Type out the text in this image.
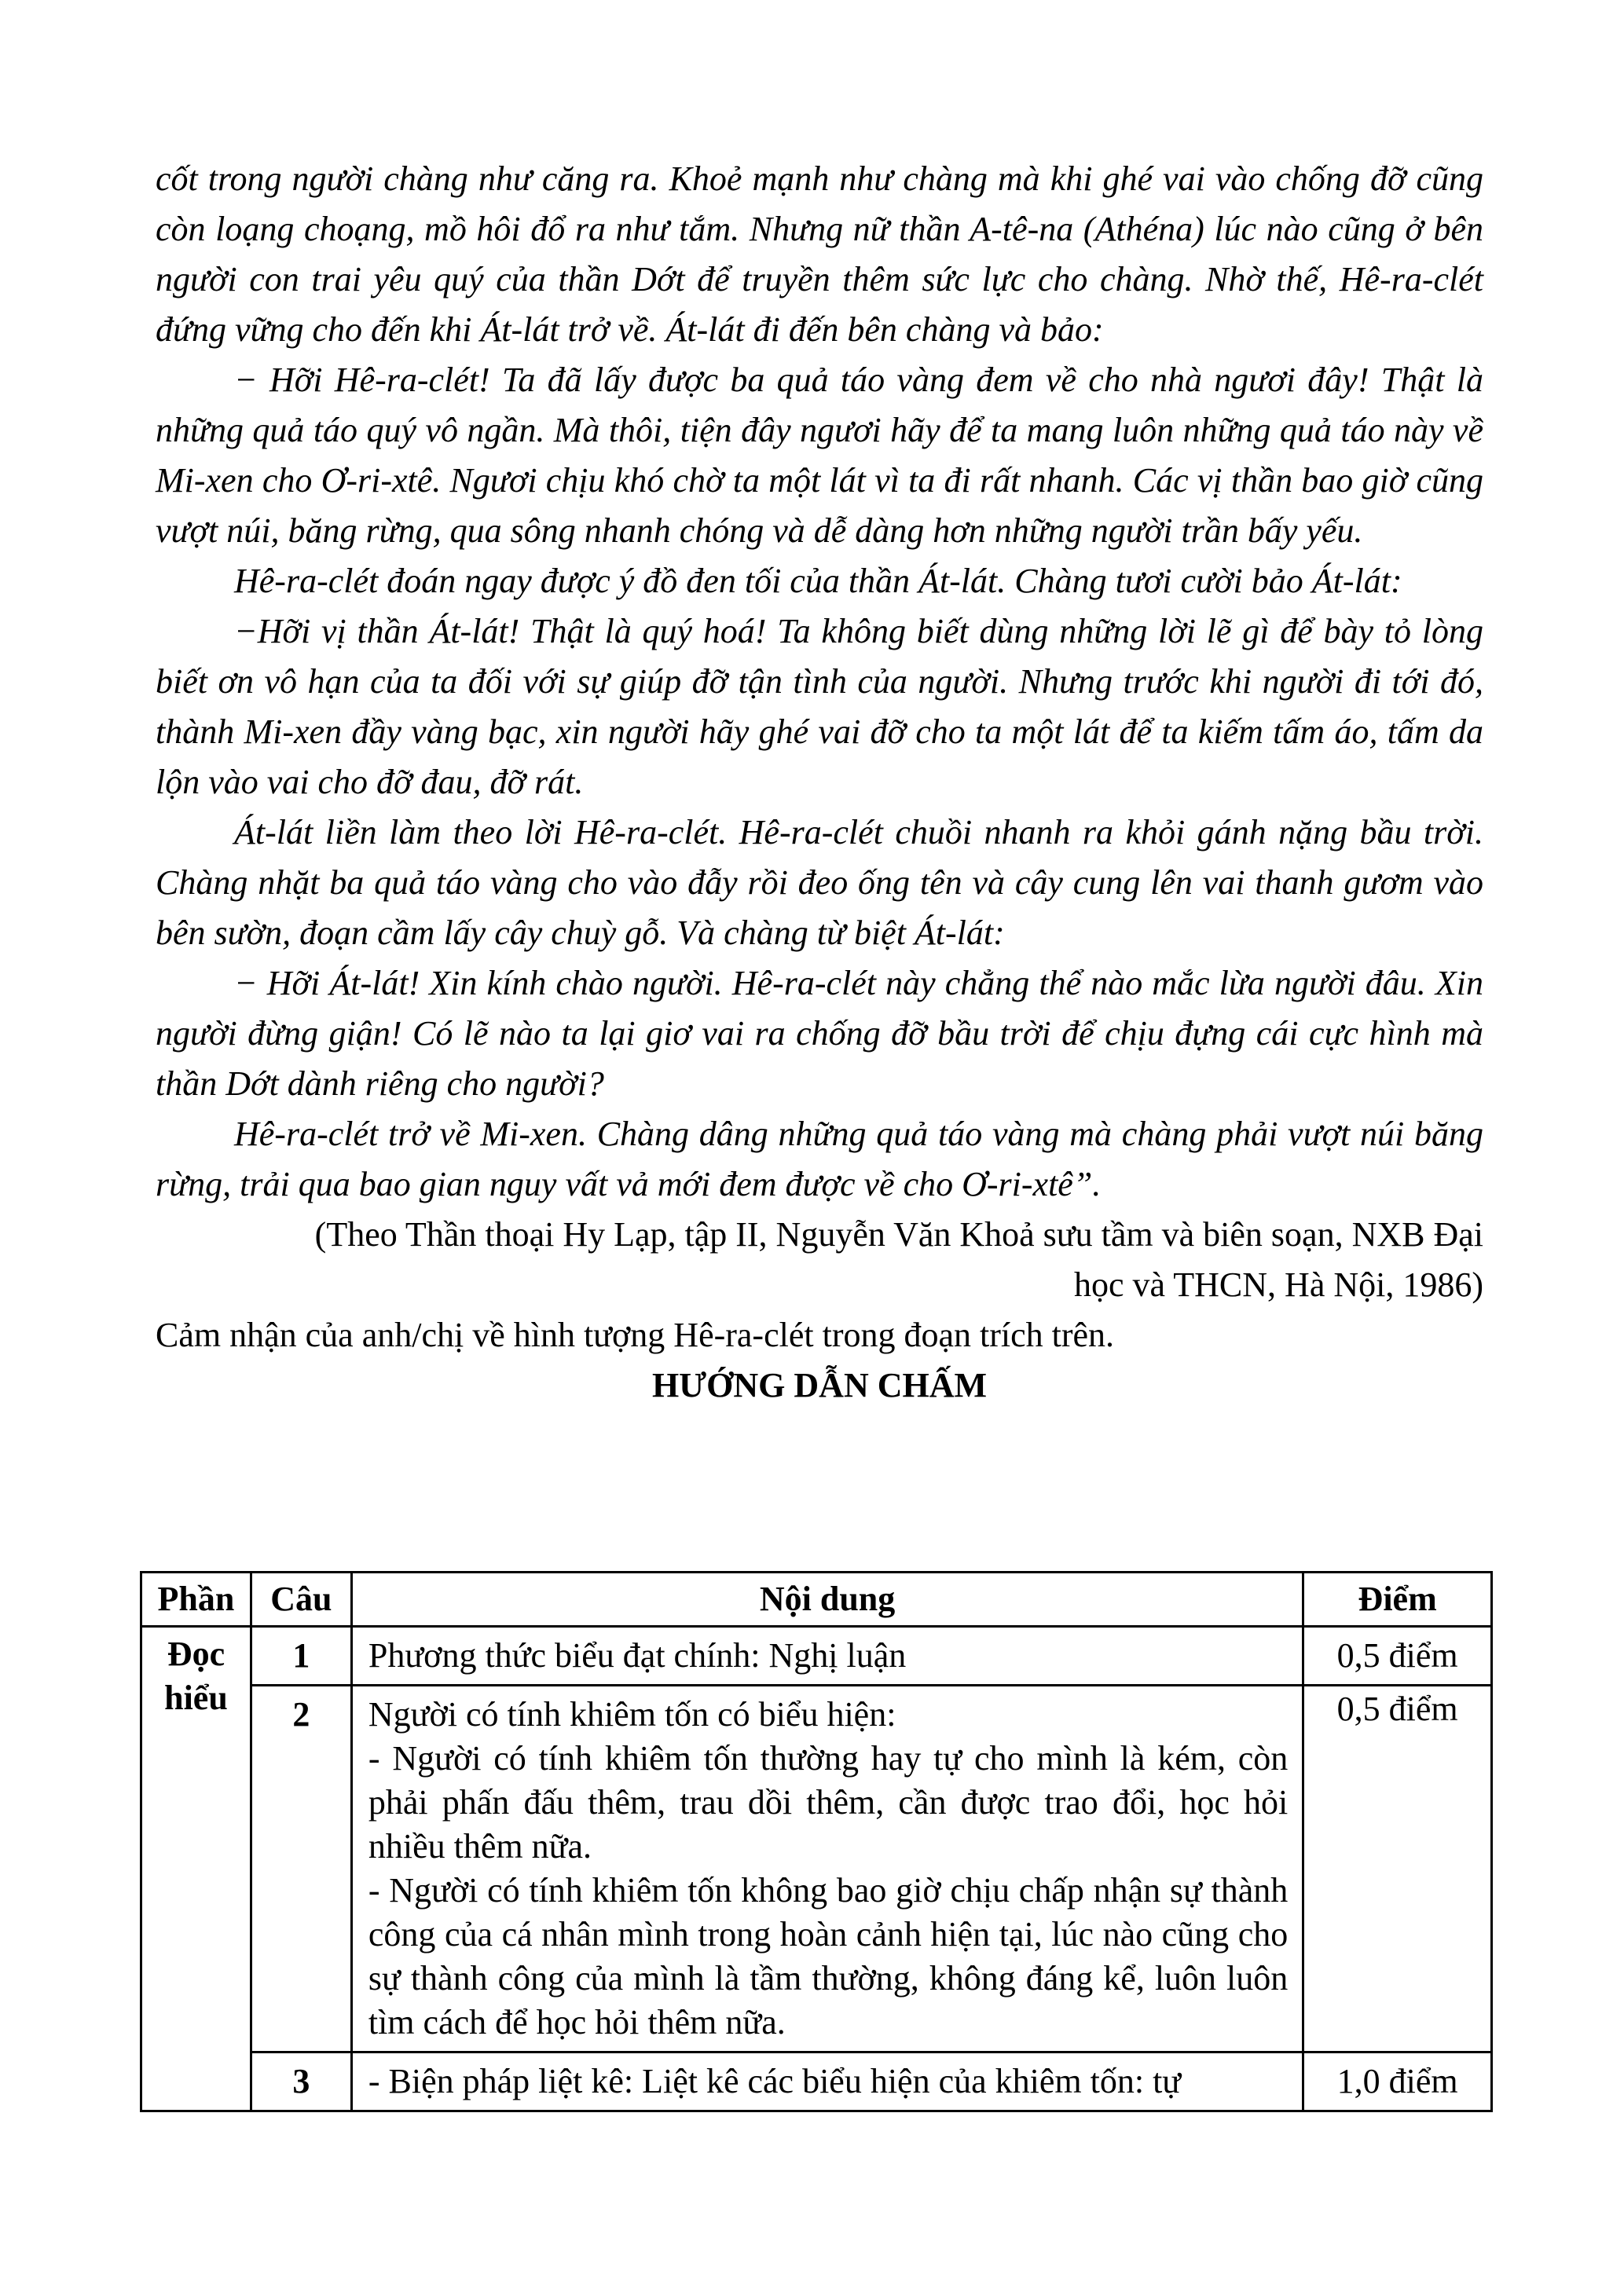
cốt trong người chàng như căng ra. Khoẻ mạnh như chàng mà khi ghé vai vào chống đỡ cũng còn loạng choạng, mồ hôi đổ ra như tắm. Nhưng nữ thần A-tê-na (Athéna) lúc nào cũng ở bên người con trai yêu quý của thần Dớt để truyền thêm sức lực cho chàng. Nhờ thế, Hê-ra-clét đứng vững cho đến khi Át-lát trở về. Át-lát đi đến bên chàng và bảo:

− Hỡi Hê-ra-clét! Ta đã lấy được ba quả táo vàng đem về cho nhà ngươi đây! Thật là những quả táo quý vô ngần. Mà thôi, tiện đây ngươi hãy để ta mang luôn những quả táo này về Mi-xen cho Ơ-ri-xtê. Ngươi chịu khó chờ ta một lát vì ta đi rất nhanh. Các vị thần bao giờ cũng vượt núi, băng rừng, qua sông nhanh chóng và dễ dàng hơn những người trần bấy yếu.

Hê-ra-clét đoán ngay được ý đồ đen tối của thần Át-lát. Chàng tươi cười bảo Át-lát:

−Hỡi vị thần Át-lát! Thật là quý hoá! Ta không biết dùng những lời lẽ gì để bày tỏ lòng biết ơn vô hạn của ta đối với sự giúp đỡ tận tình của người. Nhưng trước khi người đi tới đó, thành Mi-xen đầy vàng bạc, xin người hãy ghé vai đỡ cho ta một lát để ta kiếm tấm áo, tấm da lộn vào vai cho đỡ đau, đỡ rát.

Át-lát liền làm theo lời Hê-ra-clét. Hê-ra-clét chuồi nhanh ra khỏi gánh nặng bầu trời. Chàng nhặt ba quả táo vàng cho vào đẫy rồi đeo ống tên và cây cung lên vai thanh gươm vào bên sườn, đoạn cầm lấy cây chuỳ gỗ. Và chàng từ biệt Át-lát:

− Hỡi Át-lát! Xin kính chào người. Hê-ra-clét này chẳng thể nào mắc lừa người đâu. Xin người đừng giận! Có lẽ nào ta lại giơ vai ra chống đỡ bầu trời để chịu đựng cái cực hình mà thần Dớt dành riêng cho người?

Hê-ra-clét trở về Mi-xen. Chàng dâng những quả táo vàng mà chàng phải vượt núi băng rừng, trải qua bao gian nguy vất vả mới đem được về cho Ơ-ri-xtê”.

(Theo Thần thoại Hy Lạp, tập II, Nguyễn Văn Khoả sưu tầm và biên soạn, NXB Đại

học và THCN, Hà Nội, 1986)

Cảm nhận của anh/chị về hình tượng Hê-ra-clét trong đoạn trích trên.

HƯỚNG DẪN CHẤM

Phần	Câu	Nội dung	Điểm
Đọc hiểu	1	Phương thức biểu đạt chính: Nghị luận	0,5 điểm
	2	Người có tính khiêm tốn có biểu hiện:
- Người có tính khiêm tốn thường hay tự cho mình là kém, còn phải phấn đấu thêm, trau dồi thêm, cần được trao đổi, học hỏi nhiều thêm nữa.
- Người có tính khiêm tốn không bao giờ chịu chấp nhận sự thành công của cá nhân mình trong hoàn cảnh hiện tại, lúc nào cũng cho sự thành công của mình là tầm thường, không đáng kể, luôn luôn tìm cách để học hỏi thêm nữa.	0,5 điểm
	3	- Biện pháp liệt kê: Liệt kê các biểu hiện của khiêm tốn: tự	1,0 điểm
